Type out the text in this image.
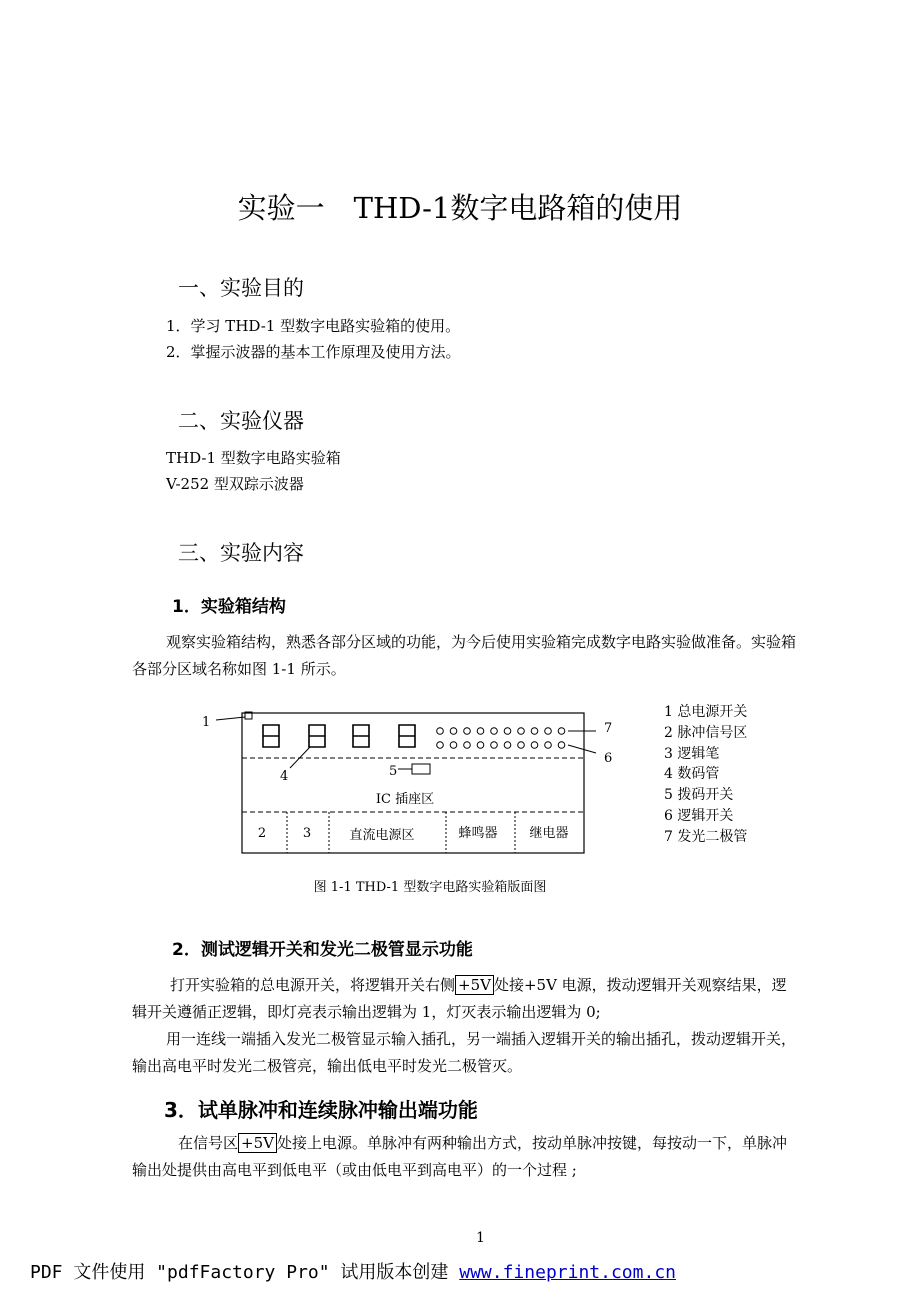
实验一　THD-1数字电路箱的使用
一、实验目的
1．学习 THD-1 型数字电路实验箱的使用。
2．掌握示波器的基本工作原理及使用方法。
二、实验仪器
THD-1 型数字电路实验箱
V-252 型双踪示波器
三、实验内容
1．实验箱结构
观察实验箱结构，熟悉各部分区域的功能，为今后使用实验箱完成数字电路实验做准备。实验箱各部分区域名称如图 1-1 所示。
1
4	5
6
7
IC 插座区
2	3	直流电源区	蜂鸣器 继电器
1 总电源开关
2 脉冲信号区
3 逻辑笔
4 数码管
5 拨码开关
6 逻辑开关
7 发光二极管
图 1-1 THD-1 型数字电路实验箱版面图
2．测试逻辑开关和发光二极管显示功能
打开实验箱的总电源开关，将逻辑开关右侧 +5V 处接+5V 电源，拨动逻辑开关观察结果，逻辑开关遵循正逻辑，即灯亮表示输出逻辑为 1，灯灭表示输出逻辑为 0;
用一连线一端插入发光二极管显示输入插孔，另一端插入逻辑开关的输出插孔，拨动逻辑开关，输出高电平时发光二极管亮，输出低电平时发光二极管灭。
3．试单脉冲和连续脉冲输出端功能
在信号区 +5V 处接上电源。单脉冲有两种输出方式，按动单脉冲按键，每按动一下，单脉冲输出处提供由高电平到低电平（或由低电平到高电平）的一个过程 ;
1
PDF 文件使用 "pdfFactory Pro" 试用版本创建 www.fineprint.com.cn
